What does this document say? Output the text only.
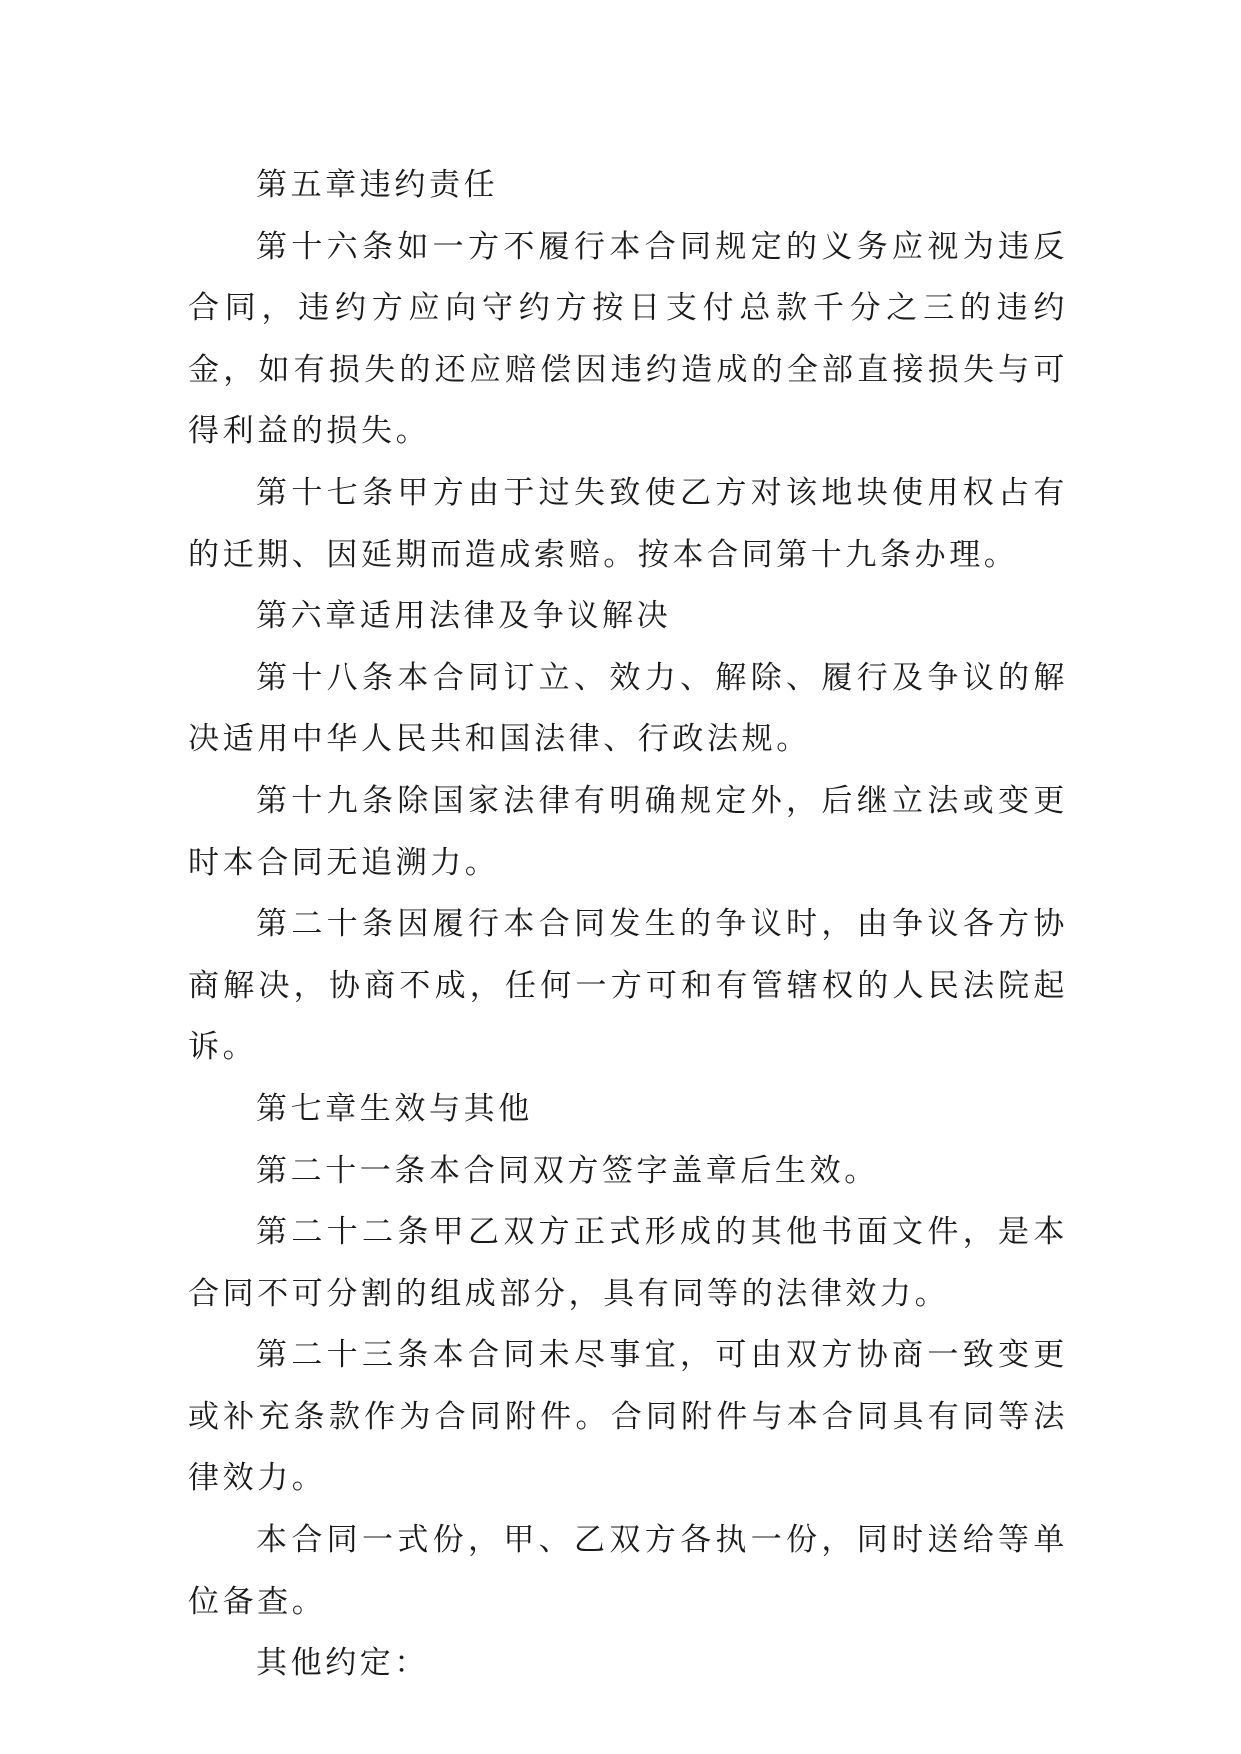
第五章违约责任

第十六条如一方不履行本合同规定的义务应视为违反合同，违约方应向守约方按日支付总款千分之三的违约金，如有损失的还应赔偿因违约造成的全部直接损失与可得利益的损失。

第十七条甲方由于过失致使乙方对该地块使用权占有的迁期、因延期而造成索赔。按本合同第十九条办理。

第六章适用法律及争议解决

第十八条本合同订立、效力、解除、履行及争议的解决适用中华人民共和国法律、行政法规。

第十九条除国家法律有明确规定外，后继立法或变更时本合同无追溯力。

第二十条因履行本合同发生的争议时，由争议各方协商解决，协商不成，任何一方可和有管辖权的人民法院起诉。

第七章生效与其他

第二十一条本合同双方签字盖章后生效。

第二十二条甲乙双方正式形成的其他书面文件，是本合同不可分割的组成部分，具有同等的法律效力。

第二十三条本合同未尽事宜，可由双方协商一致变更或补充条款作为合同附件。合同附件与本合同具有同等法律效力。

本合同一式份，甲、乙双方各执一份，同时送给等单位备查。

其他约定：
